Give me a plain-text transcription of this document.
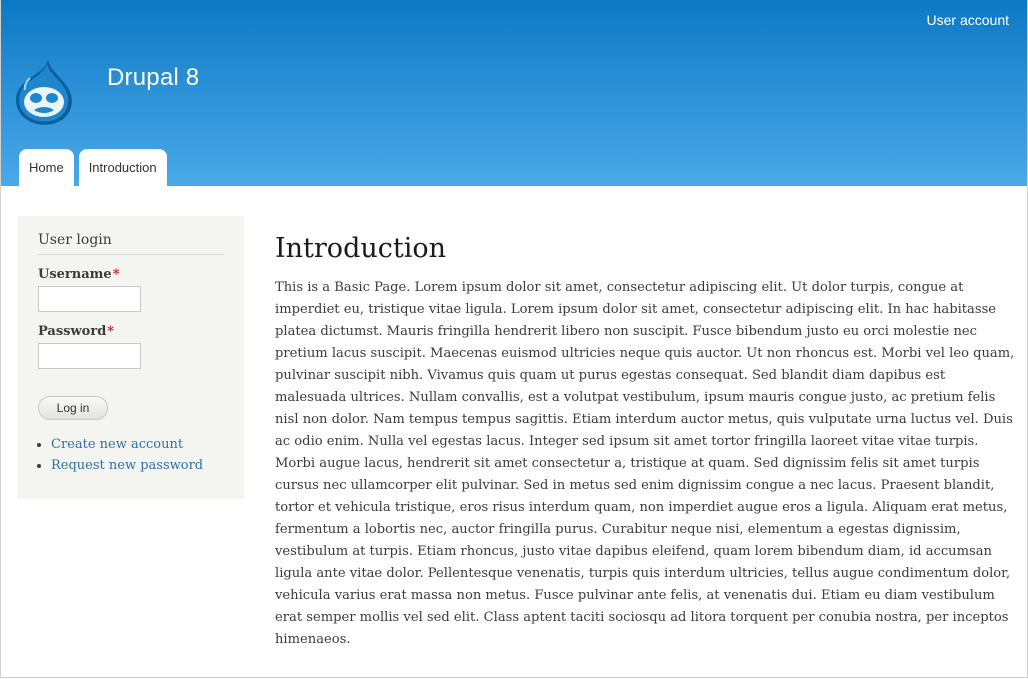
User account
Drupal 8
Home	Introduction
User login
Username*
Password*
Log in
• Create new account
• Request new password
Introduction

This is a Basic Page. Lorem ipsum dolor sit amet, consectetur adipiscing elit. Ut dolor turpis, congue at imperdiet eu, tristique vitae ligula. Lorem ipsum dolor sit amet, consectetur adipiscing elit. In hac habitasse platea dictumst. Mauris fringilla hendrerit libero non suscipit. Fusce bibendum justo eu orci molestie nec pretium lacus suscipit. Maecenas euismod ultricies neque quis auctor. Ut non rhoncus est. Morbi vel leo quam, pulvinar suscipit nibh. Vivamus quis quam ut purus egestas consequat. Sed blandit diam dapibus est malesuada ultrices. Nullam convallis, est a volutpat vestibulum, ipsum mauris congue justo, ac pretium felis nisl non dolor. Nam tempus tempus sagittis. Etiam interdum auctor metus, quis vulputate urna luctus vel. Duis ac odio enim. Nulla vel egestas lacus. Integer sed ipsum sit amet tortor fringilla laoreet vitae vitae turpis. Morbi augue lacus, hendrerit sit amet consectetur a, tristique at quam. Sed dignissim felis sit amet turpis cursus nec ullamcorper elit pulvinar. Sed in metus sed enim dignissim congue a nec lacus. Praesent blandit, tortor et vehicula tristique, eros risus interdum quam, non imperdiet augue eros a ligula. Aliquam erat metus, fermentum a lobortis nec, auctor fringilla purus. Curabitur neque nisi, elementum a egestas dignissim, vestibulum at turpis. Etiam rhoncus, justo vitae dapibus eleifend, quam lorem bibendum diam, id accumsan ligula ante vitae dolor. Pellentesque venenatis, turpis quis interdum ultricies, tellus augue condimentum dolor, vehicula varius erat massa non metus. Fusce pulvinar ante felis, at venenatis dui. Etiam eu diam vestibulum erat semper mollis vel sed elit. Class aptent taciti sociosqu ad litora torquent per conubia nostra, per inceptos himenaeos.
